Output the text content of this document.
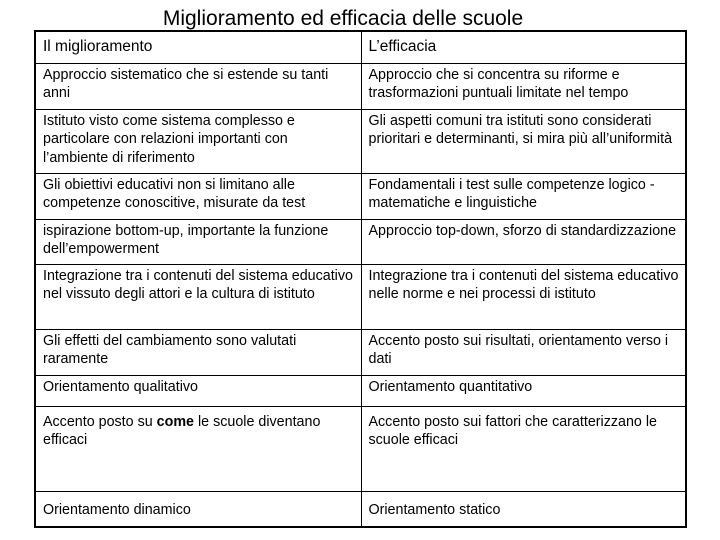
Miglioramento ed efficacia delle scuole
Il miglioramento	L’efficacia
Approccio sistematico che si estende su tanti anni	Approccio che si concentra su riforme e trasformazioni puntuali limitate nel tempo
Istituto visto come sistema complesso e particolare con relazioni importanti con l’ambiente di riferimento	Gli aspetti comuni tra istituti sono considerati prioritari e determinanti, si mira più all’uniformità
Gli obiettivi educativi non si limitano alle competenze conoscitive, misurate da test	Fondamentali i test sulle competenze logico -matematiche e linguistiche
ispirazione bottom-up, importante la funzione dell’empowerment	Approccio top-down, sforzo di standardizzazione
Integrazione tra i contenuti del sistema educativo nel vissuto degli attori e la cultura di istituto	Integrazione tra i contenuti del sistema educativo nelle norme e nei processi di istituto
Gli effetti del cambiamento sono valutati raramente	Accento posto sui risultati, orientamento verso i dati
Orientamento qualitativo	Orientamento quantitativo
Accento posto su come le scuole diventano efficaci	Accento posto sui fattori che caratterizzano le scuole efficaci
Orientamento dinamico	Orientamento statico
